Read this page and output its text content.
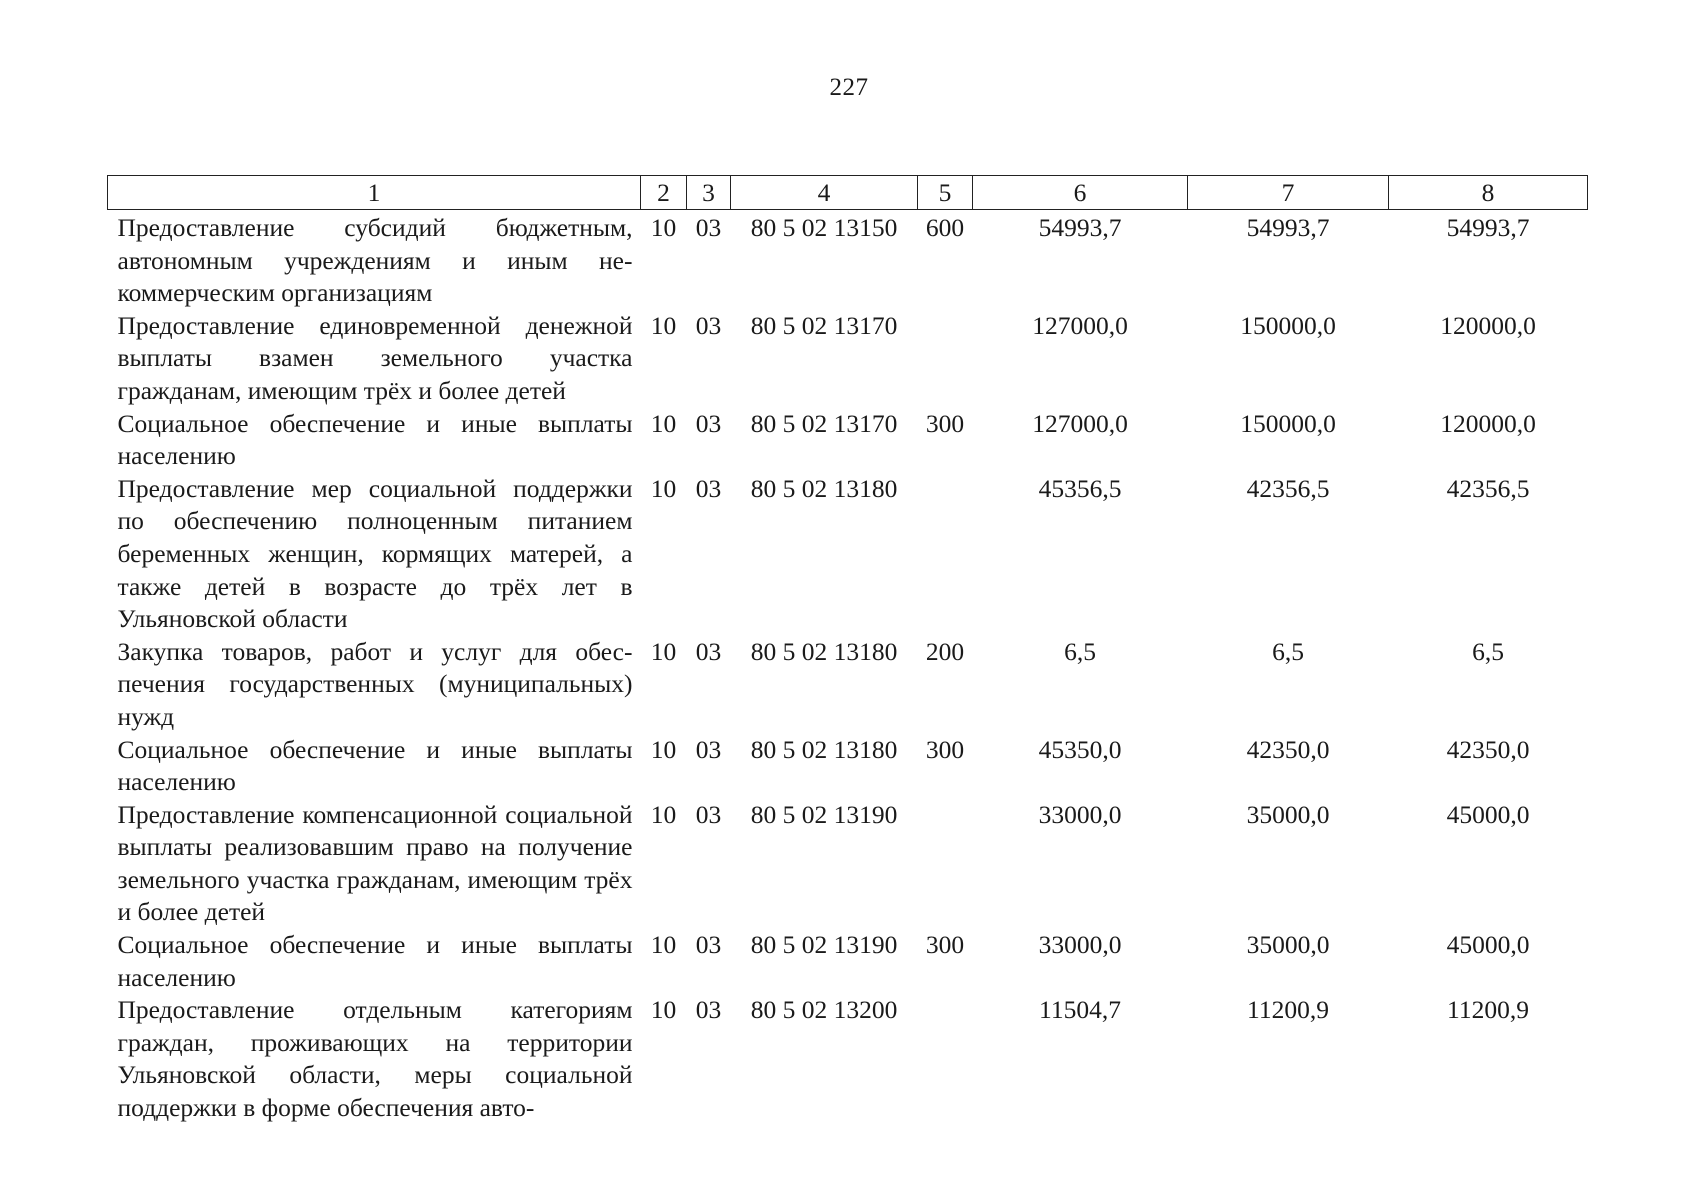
227
1	2	3	4	5	6	7	8
Предоставление субсидий бюджетным, автономным учреждениям и иным некоммерческим организациям	10	03	80 5 02 13150	600	54993,7	54993,7	54993,7
Предоставление единовременной денежной выплаты взамен земельного участка гражданам, имеющим трёх и более детей	10	03	80 5 02 13170		127000,0	150000,0	120000,0
Социальное обеспечение и иные выплаты населению	10	03	80 5 02 13170	300	127000,0	150000,0	120000,0
Предоставление мер социальной поддержки по обеспечению полноценным питанием беременных женщин, кормящих матерей, а также детей в возрасте до трёх лет в Ульяновской области	10	03	80 5 02 13180		45356,5	42356,5	42356,5
Закупка товаров, работ и услуг для обеспечения государственных (муниципальных) нужд	10	03	80 5 02 13180	200	6,5	6,5	6,5
Социальное обеспечение и иные выплаты населению	10	03	80 5 02 13180	300	45350,0	42350,0	42350,0
Предоставление компенсационной социальной выплаты реализовавшим право на получение земельного участка гражданам, имеющим трёх и более детей	10	03	80 5 02 13190		33000,0	35000,0	45000,0
Социальное обеспечение и иные выплаты населению	10	03	80 5 02 13190	300	33000,0	35000,0	45000,0
Предоставление отдельным категориям граждан, проживающих на территории Ульяновской области, меры социальной поддержки в форме обеспечения авто-	10	03	80 5 02 13200		11504,7	11200,9	11200,9
